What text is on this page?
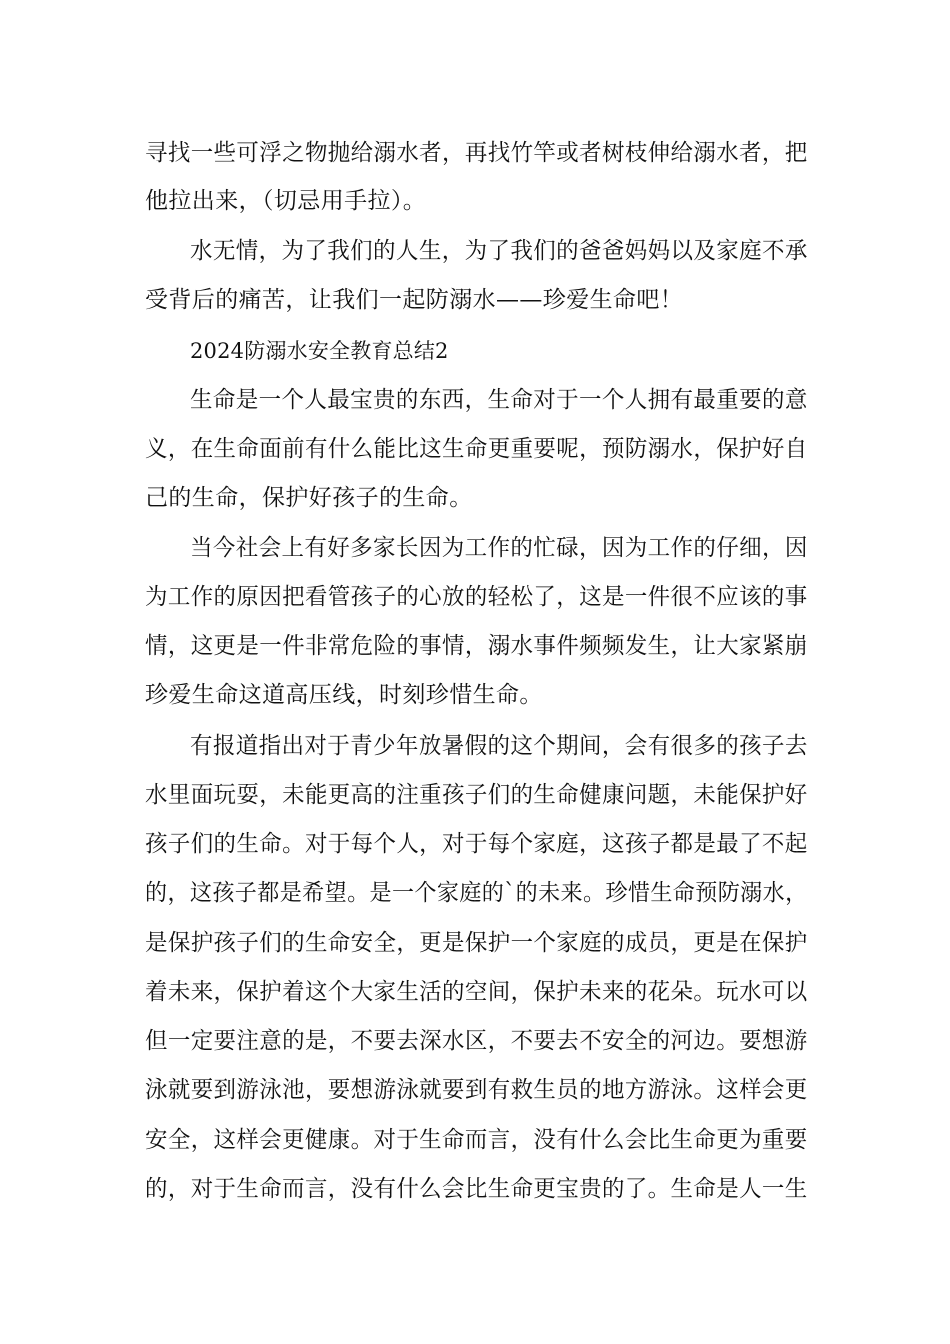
寻找一些可浮之物抛给溺水者，再找竹竿或者树枝伸给溺水者，把
他拉出来，（切忌用手拉）。
水无情，为了我们的人生，为了我们的爸爸妈妈以及家庭不承
受背后的痛苦，让我们一起防溺水——珍爱生命吧！
2024防溺水安全教育总结2
生命是一个人最宝贵的东西，生命对于一个人拥有最重要的意
义，在生命面前有什么能比这生命更重要呢，预防溺水，保护好自
己的生命，保护好孩子的生命。
当今社会上有好多家长因为工作的忙碌，因为工作的仔细，因
为工作的原因把看管孩子的心放的轻松了，这是一件很不应该的事
情，这更是一件非常危险的事情，溺水事件频频发生，让大家紧崩
珍爱生命这道高压线，时刻珍惜生命。
有报道指出对于青少年放暑假的这个期间，会有很多的孩子去
水里面玩耍，未能更高的注重孩子们的生命健康问题，未能保护好
孩子们的生命。对于每个人，对于每个家庭，这孩子都是最了不起
的，这孩子都是希望。是一个家庭的`的未来。珍惜生命预防溺水，
是保护孩子们的生命安全，更是保护一个家庭的成员，更是在保护
着未来，保护着这个大家生活的空间，保护未来的花朵。玩水可以
但一定要注意的是，不要去深水区，不要去不安全的河边。要想游
泳就要到游泳池，要想游泳就要到有救生员的地方游泳。这样会更
安全，这样会更健康。对于生命而言，没有什么会比生命更为重要
的，对于生命而言，没有什么会比生命更宝贵的了。生命是人一生
